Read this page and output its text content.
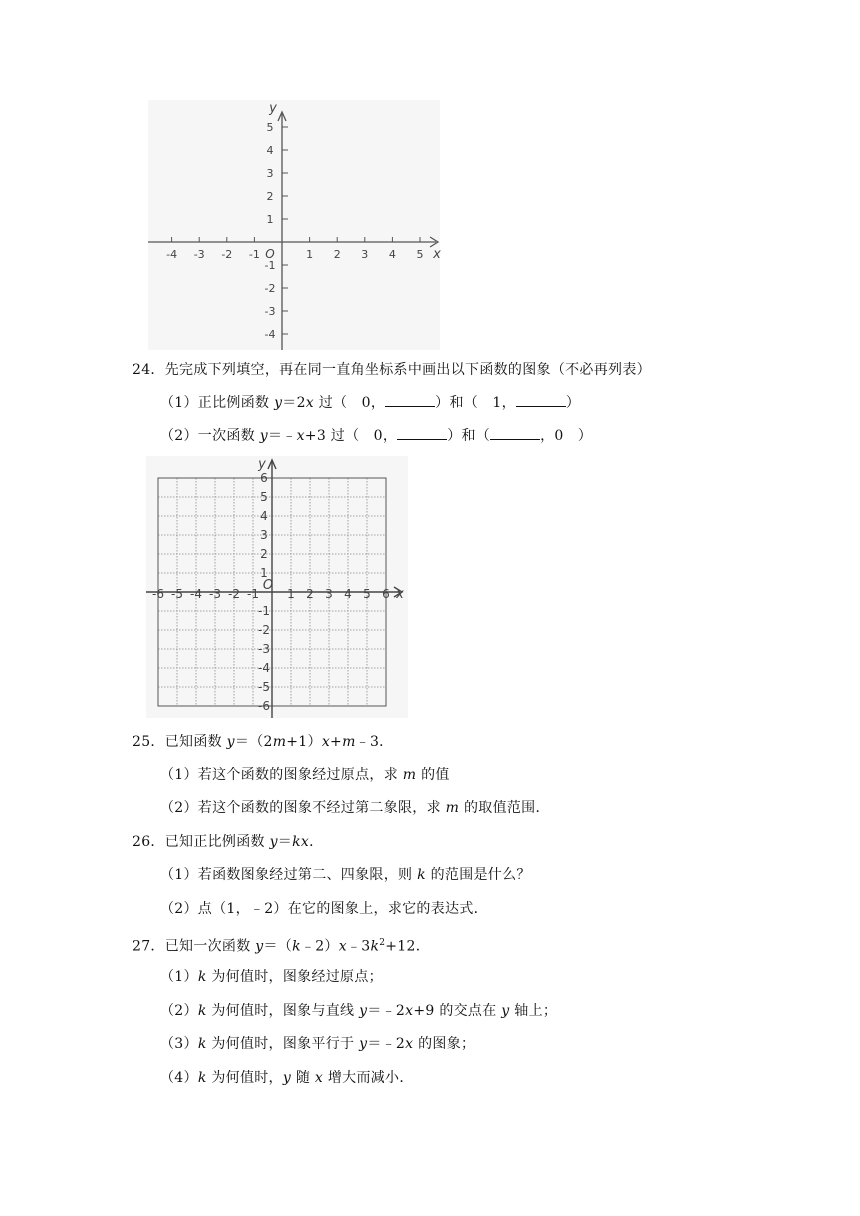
-4 -3 -2 -1	1 2 3 4 5
5
4
3
2
1
-1
-2
-3
-4
O	x
y
24．先完成下列填空，再在同一直角坐标系中画出以下函数的图象（不必再列表）
（1）正比例函数 y＝2x 过（　0，	）和（　1，	）
（2）一次函数 y＝﹣x+3 过（　0，	）和（	，0　）
-6 -5 -4 -3 -2 -1 1 2 3 4 5 6
6
5
4
3
2
1
-1
-2
-3
-4
-5
-6
O
x
y
25．已知函数 y＝（2m+1）x+m﹣3．
（1）若这个函数的图象经过原点，求 m 的值
（2）若这个函数的图象不经过第二象限，求 m 的取值范围．
26．已知正比例函数 y＝kx．
（1）若函数图象经过第二、四象限，则 k 的范围是什么？
（2）点（1，﹣2）在它的图象上，求它的表达式．
27．已知一次函数 $y=(k﹣2)x﹣3k^2+12$．
（1）k 为何值时，图象经过原点；
（2）k 为何值时，图象与直线 y＝﹣2x+9 的交点在 y 轴上；
（3）k 为何值时，图象平行于 y＝﹣2x 的图象；
（4）k 为何值时，y 随 x 增大而减小．
